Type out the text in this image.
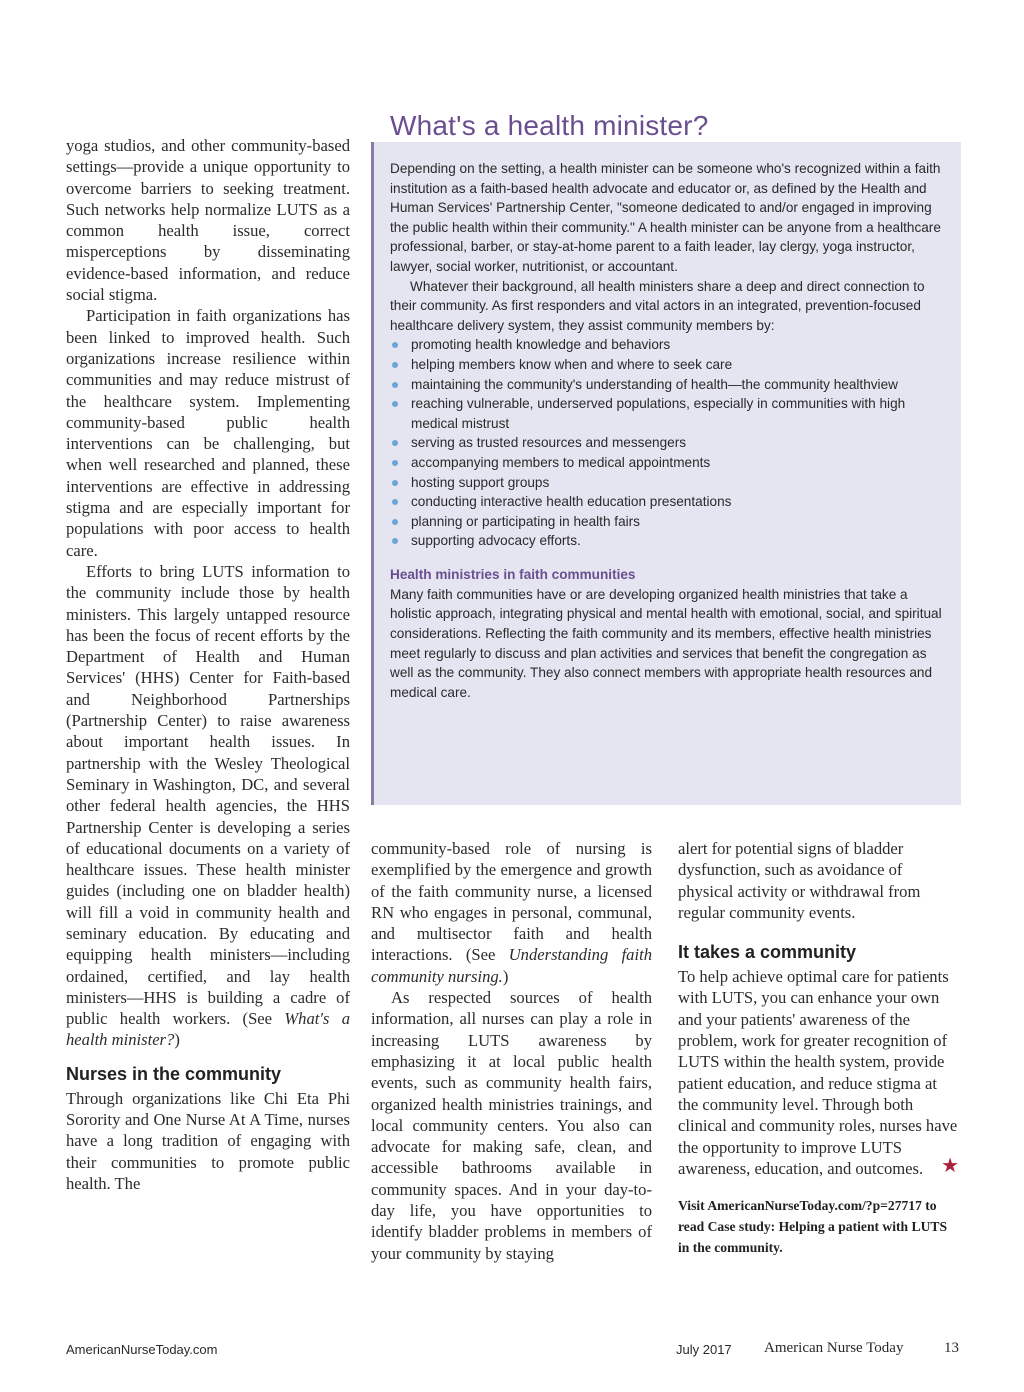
yoga studios, and other community-based settings—provide a unique opportunity to overcome barriers to seeking treatment. Such networks help normalize LUTS as a common health issue, correct misperceptions by disseminating evidence-based information, and reduce social stigma.

Participation in faith organizations has been linked to improved health. Such organizations increase resilience within communities and may reduce mistrust of the healthcare system. Implementing community-based public health interventions can be challenging, but when well researched and planned, these interventions are effective in addressing stigma and are especially important for populations with poor access to health care.

Efforts to bring LUTS information to the community include those by health ministers. This largely untapped resource has been the focus of recent efforts by the Department of Health and Human Services' (HHS) Center for Faith-based and Neighborhood Partnerships (Partnership Center) to raise awareness about important health issues. In partnership with the Wesley Theological Seminary in Washington, DC, and several other federal health agencies, the HHS Partnership Center is developing a series of educational documents on a variety of healthcare issues. These health minister guides (including one on bladder health) will fill a void in community health and seminary education. By educating and equipping health ministers—including ordained, certified, and lay health ministers—HHS is building a cadre of public health workers. (See What's a health minister?)

Nurses in the community

Through organizations like Chi Eta Phi Sorority and One Nurse At A Time, nurses have a long tradition of engaging with their communities to promote public health. The

What's a health minister?

Depending on the setting, a health minister can be someone who's recognized within a faith institution as a faith-based health advocate and educator or, as defined by the Health and Human Services' Partnership Center, "someone dedicated to and/or engaged in improving the public health within their community." A health minister can be anyone from a healthcare professional, barber, or stay-at-home parent to a faith leader, lay clergy, yoga instructor, lawyer, social worker, nutritionist, or accountant.

Whatever their background, all health ministers share a deep and direct connection to their community. As first responders and vital actors in an integrated, prevention-focused healthcare delivery system, they assist community members by:

promoting health knowledge and behaviors
helping members know when and where to seek care
maintaining the community's understanding of health—the community healthview
reaching vulnerable, underserved populations, especially in communities with high medical mistrust
serving as trusted resources and messengers
accompanying members to medical appointments
hosting support groups
conducting interactive health education presentations
planning or participating in health fairs
supporting advocacy efforts.
Health ministries in faith communities

Many faith communities have or are developing organized health ministries that take a holistic approach, integrating physical and mental health with emotional, social, and spiritual considerations. Reflecting the faith community and its members, effective health ministries meet regularly to discuss and plan activities and services that benefit the congregation as well as the community. They also connect members with appropriate health resources and medical care.

community-based role of nursing is exemplified by the emergence and growth of the faith community nurse, a licensed RN who engages in personal, communal, and multisector faith and health interactions. (See Understanding faith community nursing.)

As respected sources of health information, all nurses can play a role in increasing LUTS awareness by emphasizing it at local public health events, such as community health fairs, organized health ministries trainings, and local community centers. You also can advocate for making safe, clean, and accessible bathrooms available in community spaces. And in your day-to-day life, you have opportunities to identify bladder problems in members of your community by staying

alert for potential signs of bladder dysfunction, such as avoidance of physical activity or withdrawal from regular community events.

It takes a community

To help achieve optimal care for patients with LUTS, you can enhance your own and your patients' awareness of the problem, work for greater recognition of LUTS within the health system, provide patient education, and reduce stigma at the community level. Through both clinical and community roles, nurses have the opportunity to improve LUTS awareness, education, and outcomes. ★

Visit AmericanNurseToday.com/?p=27717 to read Case study: Helping a patient with LUTS in the community.
AmericanNurseToday.com	July 2017 American Nurse Today	13
